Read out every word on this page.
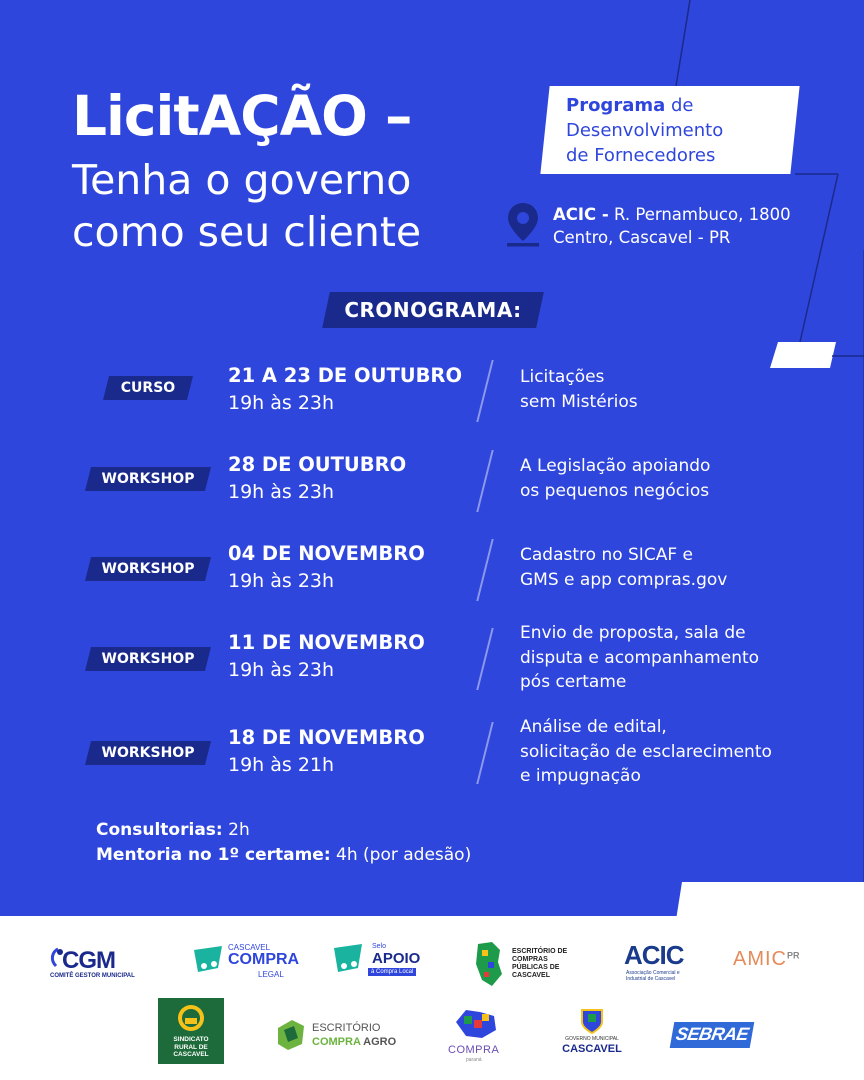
LicitAÇÃO –
Tenha o governo
como seu cliente
Programa de
Desenvolvimento
de Fornecedores
ACIC - R. Pernambuco, 1800
Centro, Cascavel - PR
CRONOGRAMA:
CURSO
21 A 23 DE OUTUBRO
19h às 23h
Licitações
sem Mistérios
WORKSHOP
28 DE OUTUBRO
19h às 23h
A Legislação apoiando
os pequenos negócios
WORKSHOP
04 DE NOVEMBRO
19h às 23h
Cadastro no SICAF e
GMS e app compras.gov
WORKSHOP
11 DE NOVEMBRO
19h às 23h
Envio de proposta, sala de
disputa e acompanhamento
pós certame
WORKSHOP
18 DE NOVEMBRO
19h às 21h
Análise de edital,
solicitação de esclarecimento
e impugnação
Consultorias: 2h
Mentoria no 1º certame: 4h (por adesão)
CGM
COMITÊ GESTOR MUNICIPAL
CASCAVEL
COMPRA
LEGAL
Selo
APOIO
à Compra Local
ESCRITÓRIO DE
COMPRAS
PÚBLICAS DE
CASCAVEL
ACIC
Associação Comercial e
Industrial de Cascavel
$AMIC^{PR}$
SINDICATO
RURAL DE
CASCAVEL
ESCRITÓRIO
COMPRA AGRO
COMPRA
paraná
GOVERNO MUNICIPAL
CASCAVEL
SEBRAE
